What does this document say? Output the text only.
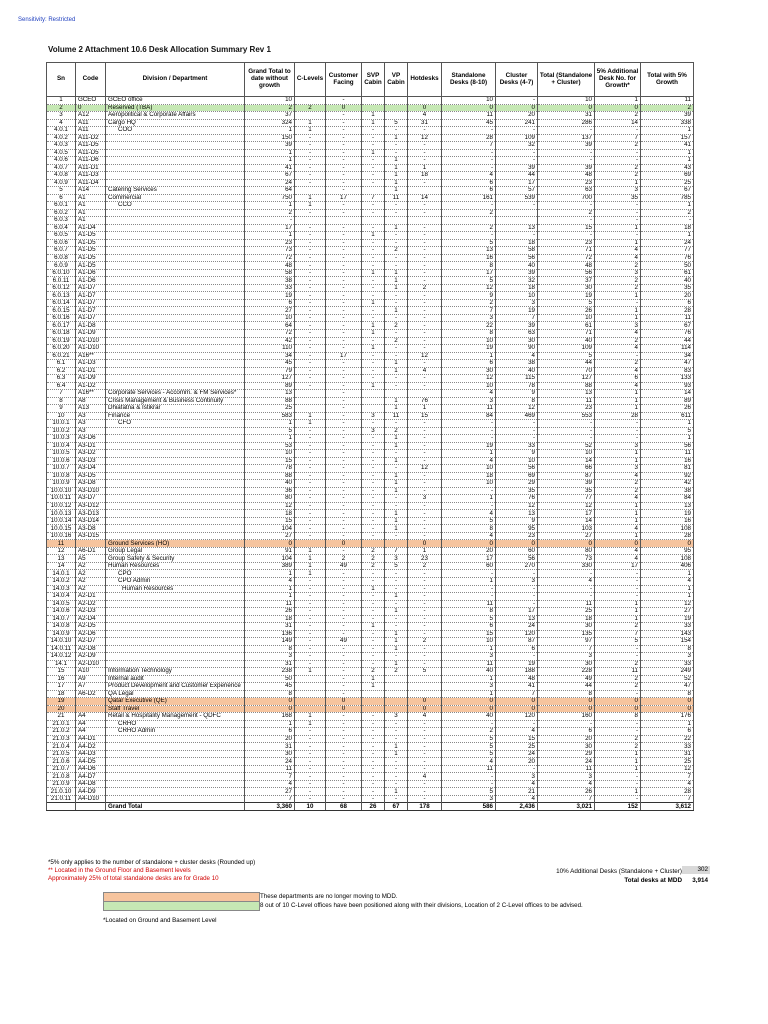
Sensitivity: Restricted
Volume 2 Attachment 10.6 Desk Allocation Summary Rev 1
Sn	Code	Division / Department	Grand Total to date without growth	C-Levels	Customer Facing	SVP Cabin	VP Cabin	Hotdesks	Standalone Desks (8-10)	Cluster Desks (4-7)	Total (Standalone + Cluster)	5% Additional Desk No. for Growth*	Total with 5% Growth
1	GCEO	GCEO office	10		-				10	-	10	1	11
2	0	Reserved (TBA)	2	2	0			0	0	0	0	0	2
3	A12	Aeropolitical & Corporate Affairs	37		-	1		4	11	20	31	2	39
4	A11	Cargo HQ	324	1	-	1	5	31	45	241	286	14	338
4.0.1	A11	COO	1	1	-	-	-	-	-	-	-	-	1
4.0.2	A11-D2		150	-	-	-	1	12	28	109	137	7	157
4.0.3	A11-D5		39	-	-	-	-	-	7	32	39	2	41
4.0.5	A11-D5		1	-	-	1	-	-	-	-	-	-	1
4.0.6	A11-D6		1	-	-	-	1	-	-	-	-	-	1
4.0.7	A11-D1		41	-	-	-	1	1	-	39	39	2	43
4.0.8	A11-D3		67	-	-	-	1	18	4	44	48	2	69
4.0.9	A11-D4		24	-	-	-	1	-	6	17	23	1	25
5	A14	Catering Services	64		-		1		6	57	63	3	67
6	A1	Commercial	750	1	17	7	11	14	161	539	700	35	785
6.0.1	A1	CCO	1	1	-	-	-	-	-	-	-	-	1
6.0.2	A1		2	-	-	-	-	-	2		2	-	2
6.0.3	A1		-								-	-	-
6.0.4	A1-D4		17	-	-	-	1	-	2	13	15	1	18
6.0.5	A1-D5		1	-	-	1	-	-	-	-	-	-	1
6.0.6	A1-D5		23	-	-	-	-	-	5	18	23	1	24
6.0.7	A1-D5		73	-	-	-	2	-	13	58	71	4	77
6.0.8	A1-D5		72	-	-	-	-	-	16	56	72	4	76
6.0.9	A1-D5		48	-	-	-	-	-	8	40	48	2	50
6.0.10	A1-D6		58	-	-	1	1	-	17	39	56	3	61
6.0.11	A1-D6		38	-	-	-	1	-	5	32	37	2	40
6.0.12	A1-D7		33	-	-	-	1	2	12	18	30	2	35
6.0.13	A1-D7		19	-	-	-	-	-	9	10	19	1	20
6.0.14	A1-D7		6	-	-	1	-	-	2	3	5	-	6
6.0.15	A1-D7		27	-	-	-	1	-	7	19	26	1	28
6.0.16	A1-D7		10	-	-	-	-	-	3	7	10	1	11
6.0.17	A1-D8		64	-	-	1	2	-	22	39	61	3	67
6.0.18	A1-D9		72	-	-	1	-	-	8	63	71	4	76
6.0.19	A1-D10		42	-	-	-	2	-	10	30	40	2	44
6.0.20	A1-D10		110	-	-	1	-	-	19	90	109	4	114
6.0.21	A16**		34	-	17	-	-	12	1	4	5	-	34
6.1	A1-D3		45	-	-	-	1	-	6	38	44	2	47
6.2	A1-D1		79	-	-	-	1	4	30	40	70	4	83
6.3	A1-D9		127	-	-	-	-	-	12	115	127	6	133
6.4	A1-D2		89	-	-	1	-	-	10	78	88	4	93
7	A16**	Corporate Services - Accomm. & FM Services*	13		-				4	9	13	1	14
8	A8	Crisis Management & Business Continuity	88		-		1	76	3	8	11	1	89
9	A13	Dhiafatna & Istikrar	25		-		1	1	11	12	23	1	26
10	A3	Finance	583	1	-	3	11	15	84	469	553	28	611
10.0.1	A3	CFO	1	1	-	-	-	-	-	-	-	-	1
10.0.2	A3		5	-	-	3	2	-	-	-	-	-	5
10.0.3	A3-D6		1	-	-	-	1	-	-	-	-	-	1
10.0.4	A3-D1		53	-	-	-	1	-	19	33	52	3	56
10.0.5	A3-D2		10	-	-	-	-	-	1	9	10	1	11
10.0.6	A3-D3		15	-	-	-	1	-	4	10	14	1	16
10.0.7	A3-D4		78	-	-	-	-	12	10	56	66	3	81
10.0.8	A3-D5		88	-	-	-	1	-	18	69	87	4	92
10.0.9	A3-D8		40	-	-	-	1	-	10	29	39	2	42
10.0.10	A3-D10		36	-	-	-	1	-	-	35	35	2	38
10.0.11	A3-D7		80	-	-	-	-	3	1	76	77	4	84
10.0.12	A3-D12		12	-	-	-	-	-	-	12	12	1	13
10.0.13	A3-D13		18	-	-	-	1	-	4	13	17	1	19
10.0.14	A3-D14		15	-	-	-	1	-	5	9	14	1	16
10.0.15	A3-D8		104	-	-	-	1	-	8	95	103	4	108
10.0.16	A3-D15		27	-	-	-	-	-	4	23	27	1	28
11		Ground Services (HO)	0		0			0	0	0	0	0	0
12	A6-D1	Group Legal	91	1	-	2	7	1	20	60	80	4	95
13	A5	Group Safety & Security	104	1	2	2	3	23	17	56	73	4	108
14	A2	Human Resources	389	1	49	2	5	2	60	270	330	17	406
14.0.1	A2	CPO	1	1	-	-	-	-	-	-	-	-	1
14.0.2	A2	CPO Admin	4	-	-	-	-	-	1	3	4	-	4
14.0.3	A2	Human Resources	1	-	-	1	-	-	-	-	-	-	1
14.0.4	A2-D1		1	-	-	-	1	-	-	-	-	-	1
14.0.5	A2-D2		11	-	-	-	-	-	11	-	11	1	12
14.0.6	A2-D3		26	-	-	-	1	-	8	17	25	1	27
14.0.7	A2-D4		18	-	-	-	-	-	5	13	18	1	19
14.0.8	A2-D5		31	-	-	1	-	-	6	24	30	2	33
14.0.9	A2-D6		136	-	-	-	1	-	15	120	135	7	143
14.0.10	A2-D7		149	-	49	-	1	2	10	87	97	5	154
14.0.11	A2-D8		8	-	-	-	1	-	1	6	7	-	8
14.0.12	A2-D9		3	-	-	-	-	-	3	-	3	-	3
14.1	A2-D10		31	-	-	-	1	-	11	19	30	2	33
15	A10	Information Technology	238	1	-	2	2	5	40	188	228	11	249
16	A9	Internal audit	50		-	1			1	48	49	2	52
17	A7	Product Development and Customer Experience	45		-	1			3	41	44	2	47
18	A6-D2	QA Legal	8		-				1	7	8	-	8
19		Qatar Executive (QE)	0		0			0	0	0	0	0	0
20		Staff Travel	0		0			0	0	0	0	0	0
21	A4	Retail & Hospitality Management - QDFC	168	1	-	-	3	4	40	120	160	8	176
21.0.1	A4	CRHO	1	1	-	-	-	-	-	-	-	-	1
21.0.2	A4	CRHO Admin	6	-	-	-	-	-	2	4	6	-	6
21.0.3	A4-D1		20	-	-	-	-	-	5	15	20	2	22
21.0.4	A4-D2		31	-	-	-	1	-	5	25	30	2	33
21.0.5	A4-D3		30	-	-	-	1	-	5	24	29	1	31
21.0.6	A4-D5		24	-	-	-	-	-	4	20	24	1	25
21.0.7	A4-D6		11	-	-	-	-	-	11	-	11	1	12
21.0.8	A4-D7		7	-	-	-	-	4	-	3	3	-	7
21.0.9	A4-D8		4	-	-	-	-	-	-	4	4	-	4
21.0.10	A4-D9		27	-	-	-	1	-	5	21	26	1	28
21.0.11	A4-D10		7	-	-	-	-	-	3	4	7	-	7
		Grand Total	3,360	10	68	26	67	178	586	2,436	3,021	152	3,612
*5% only applies to the number of standalone + cluster desks (Rounded up)
** Located in the Ground Floor and Basement levels
Approximately 25% of total standalone desks are for Grade 10
10% Additional Desks (Standalone + Cluster)	302
Total desks at MDD	3,914
These departments are no longer moving to MDD.
8 out of 10 C-Level offices have been positioned along with their divisions, Location of 2 C-Level offices to be advised.
*Located on Ground and Basement Level
